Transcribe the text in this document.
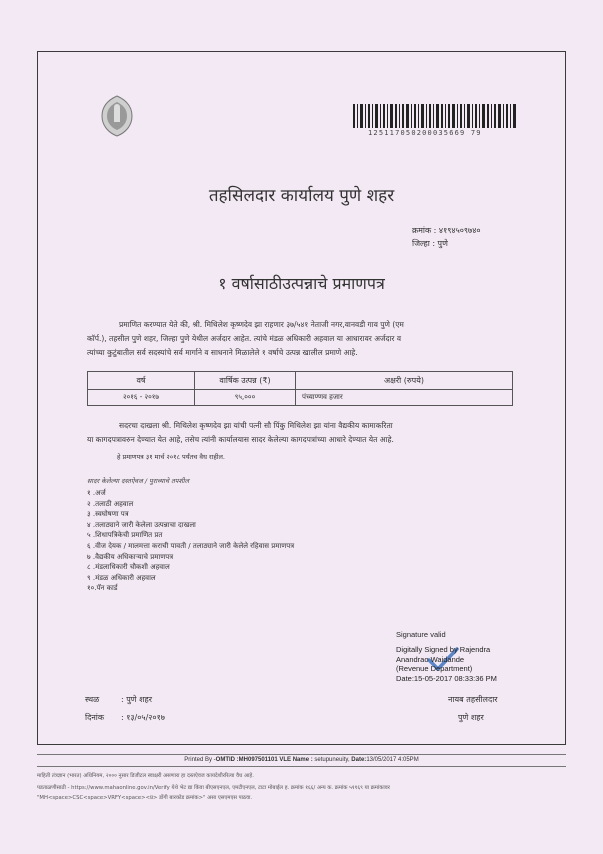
125117050200035669 79
तहसिलदार कार्यालय पुणे शहर
क्रमांक : ४१९४५०९७४०
जिल्हा : पुणे
१ वर्षासाठीउत्पन्नाचे प्रमाणपत्र
प्रमाणित करण्यात येते की, श्री. मिथिलेश कृष्णदेव झा राहणार ३७/५४१ नेताजी नगर,वानवडी गाव पुणे (एम
कॉर्प.), तहसील पुणे शहर, जिल्हा पुणे येथील अर्जदार आहेत. त्यांचे मंडळ अधिकारी अहवाल या आधारावर अर्जदार व
त्यांच्या कुटुंबातील सर्व सदस्यांचे सर्व मार्गाने व साधनाने मिळालेले १ वर्षाचे उत्पन्न खालील प्रमाणे आहे.
वर्ष	वार्षिक उत्पन्न (₹)	अक्षरी (रुपये)
२०१६ - २०१७	९५,०००	पंच्याण्णव हजार
सदरचा दाखला श्री. मिथिलेश कृष्णदेव झा यांची पत्नी सौ पिंकु मिथिलेश झा यांना वैद्यकीय कामाकरिता
या कागदपत्रावरुन देण्यात येत आहे, तसेच त्यांनी कार्यालयास सादर केलेल्या कागदपत्रांच्या आधारे देण्यात येत आहे.
हे प्रमाणपत्र ३१ मार्च २०१८ पर्यंतच वैध राहील.
सादर केलेल्या दस्तऐवज / पुराव्याचे तपशील
१ .अर्ज
२ .तलाठी अहवाल
३ .स्वघोषणा पत्र
४ .तलाठ्याने जारी केलेला उत्पन्नाचा दाखला
५ .शिधापत्रिकेची प्रमाणित प्रत
६ .वीज देयक / मालमत्ता कराची पावती / तलाठ्याने जारी केलेले रहिवास प्रमाणपत्र
७ .वैद्यकीय अधिकाऱ्याचे प्रमाणपत्र
८ .मंडलाधिकारी चौकशी अहवाल
९ .मंडळ अधिकारी अहवाल
१०.पॅन कार्ड
Signature valid
Digitally Signed by Rajendra
Anandrao Waidande
(Revenue Department)
Date:15-05-2017 08:33:36 PM
स्थळ	: पुणे शहर
दिनांक : १३/०५/२०१७
नायब तहसीलदार
पुणे शहर
Printed By -OMTID :MH097501101 VLE Name : setupuneuity, Date:13/05/2017 4:05PM
माहिती तंत्रज्ञान (भारत) अधिनियम, २००० नुसार डिजीटल स्वाक्षरी असणारा हा दस्तऐवज कायदेशीररित्या वैध आहे.
पडताळणीसाठी - https://www.mahaonline.gov.in/Verify येथे भेट द्या किंवा बीएसएनएल, एमटीएनएल, टाटा मोबाईल ह. क्रमांक १६६/ अन्य क. क्रमांक ५११६९ या क्रमांकावर
"MH<space>CSC<space>VRFY<space><प्र> डोंगी बारकोड क्रमांक>" असा एसएमएस पाठवा.
